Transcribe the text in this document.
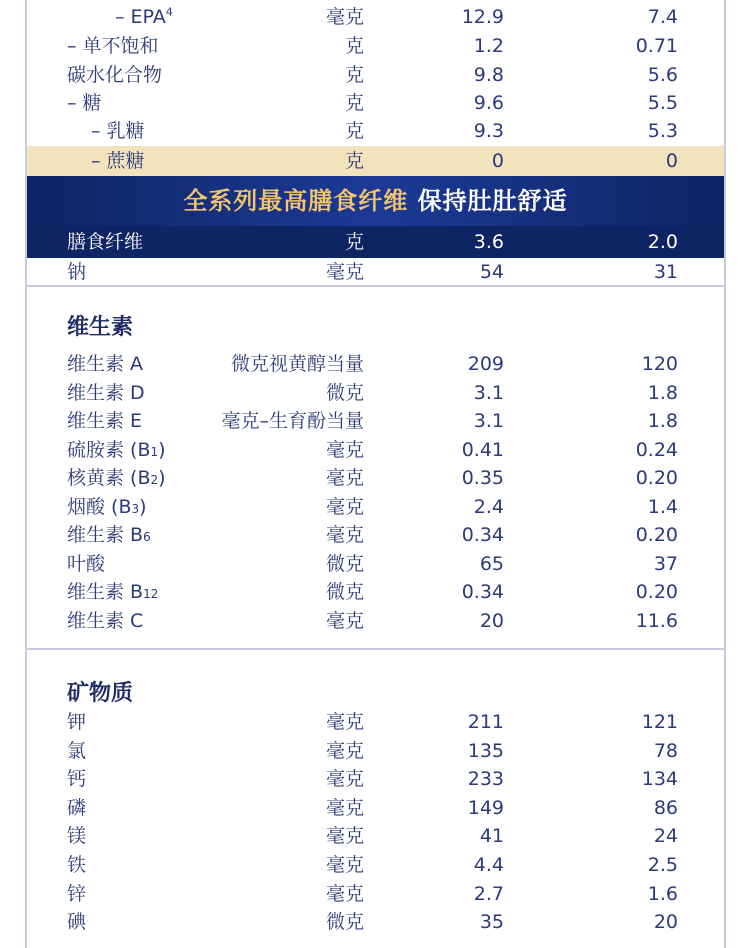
– EPA$^4$	毫克	12.9	7.4
– 单不饱和	克	1.2	0.71
碳水化合物	克	9.8	5.6
– 糖	克	9.6	5.5
– 乳糖	克	9.3	5.3
– 蔗糖	克	0	0
全系列最高膳食纤维 保持肚肚舒适
膳食纤维	克	3.6	2.0
钠	毫克	54	31
维生素
维生素 A	微克视黄醇当量	209	120
维生素 D	微克	3.1	1.8
维生素 E	毫克–生育酚当量	3.1	1.8
硫胺素 (B1)	毫克	0.41	0.24
核黄素 (B2)	毫克	0.35	0.20
烟酸 (B3)	毫克	2.4	1.4
维生素 B6	毫克	0.34	0.20
叶酸	微克	65	37
维生素 B12	微克	0.34	0.20
维生素 C	毫克	20	11.6
矿物质
钾	毫克	211	121
氯	毫克	135	78
钙	毫克	233	134
磷	毫克	149	86
镁	毫克	41	24
铁	毫克	4.4	2.5
锌	毫克	2.7	1.6
碘	微克	35	20
